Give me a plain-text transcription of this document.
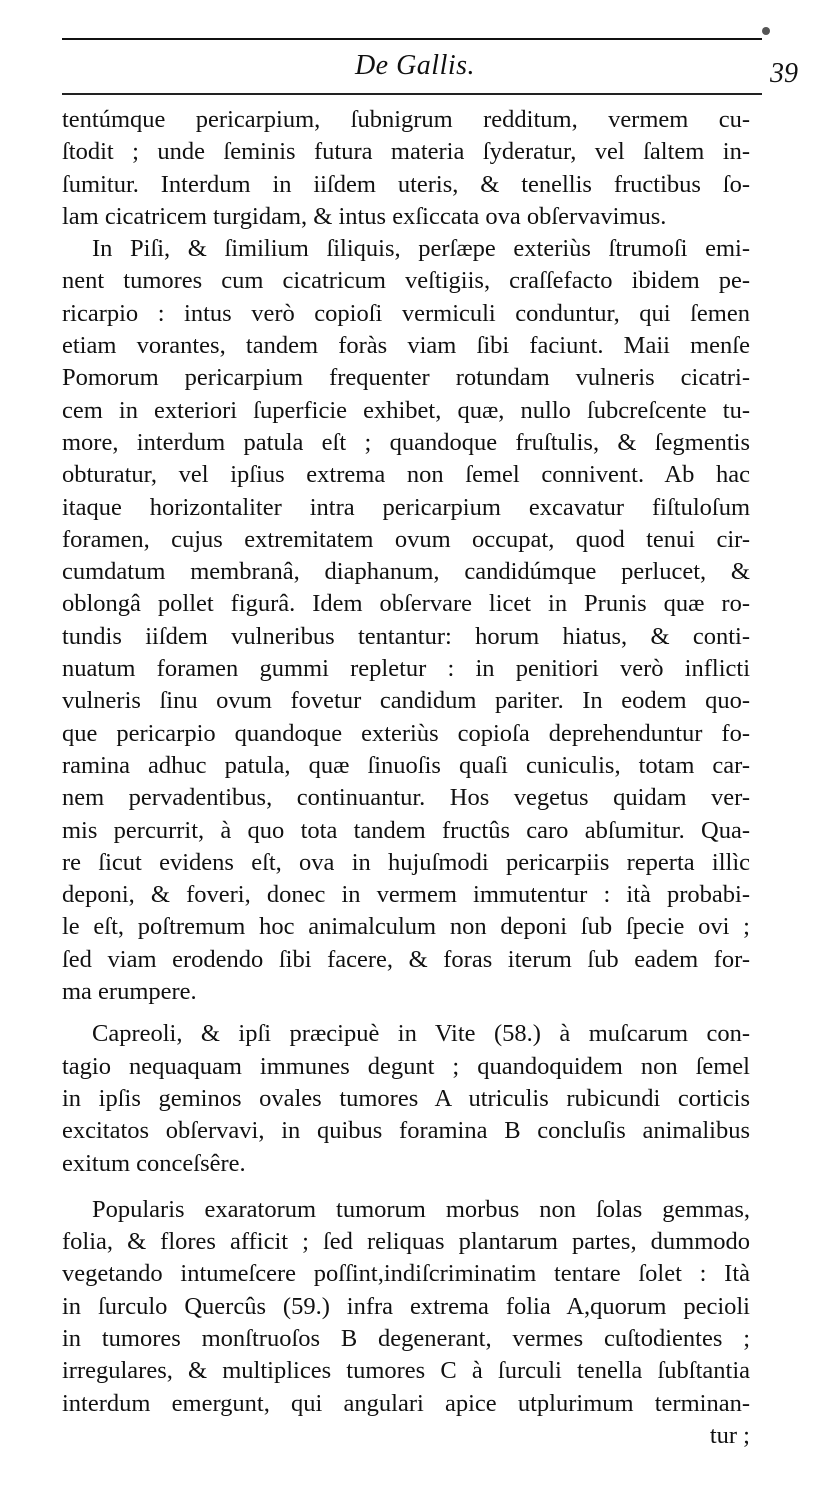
De Gallis.	39
tentúmque pericarpium, ſubnigrum redditum, vermem cu-
ſtodit ; unde ſeminis futura materia ſyderatur, vel ſaltem in-
ſumitur. Interdum in iiſdem uteris, & tenellis fructibus ſo-
lam cicatricem turgidam, & intus exſiccata ova obſervavimus.
In Piſi, & ſimilium ſiliquis, perſæpe exteriùs ſtrumoſi emi-
nent tumores cum cicatricum veſtigiis, craſſefacto ibidem pe-
ricarpio : intus verò copioſi vermiculi conduntur, qui ſemen
etiam vorantes, tandem foràs viam ſibi faciunt. Maii menſe
Pomorum pericarpium frequenter rotundam vulneris cicatri-
cem in exteriori ſuperficie exhibet, quæ, nullo ſubcreſcente tu-
more, interdum patula eſt ; quandoque fruſtulis, & ſegmentis
obturatur, vel ipſius extrema non ſemel connivent. Ab hac
itaque horizontaliter intra pericarpium excavatur fiſtuloſum
foramen, cujus extremitatem ovum occupat, quod tenui cir-
cumdatum membranâ, diaphanum, candidúmque perlucet, &
oblongâ pollet figurâ. Idem obſervare licet in Prunis quæ ro-
tundis iiſdem vulneribus tentantur: horum hiatus, & conti-
nuatum foramen gummi repletur : in penitiori verò inflicti
vulneris ſinu ovum fovetur candidum pariter. In eodem quo-
que pericarpio quandoque exteriùs copioſa deprehenduntur fo-
ramina adhuc patula, quæ ſinuoſis quaſi cuniculis, totam car-
nem pervadentibus, continuantur. Hos vegetus quidam ver-
mis percurrit, à quo tota tandem fructûs caro abſumitur. Qua-
re ſicut evidens eſt, ova in hujuſmodi pericarpiis reperta illìc
deponi, & foveri, donec in vermem immutentur : ità probabi-
le eſt, poſtremum hoc animalculum non deponi ſub ſpecie ovi ;
ſed viam erodendo ſibi facere, & foras iterum ſub eadem for-
ma erumpere.
Capreoli, & ipſi præcipuè in Vite (58.) à muſcarum con-
tagio nequaquam immunes degunt ; quandoquidem non ſemel
in ipſis geminos ovales tumores A utriculis rubicundi corticis
excitatos obſervavi, in quibus foramina B concluſis animalibus
exitum conceſsêre.
Popularis exaratorum tumorum morbus non ſolas gemmas,
folia, & flores afficit ; ſed reliquas plantarum partes, dummodo
vegetando intumeſcere poſſint,indiſcriminatim tentare ſolet : Ità
in ſurculo Quercûs (59.) infra extrema folia A,quorum pecioli
in tumores monſtruoſos B degenerant, vermes cuſtodientes ;
irregulares, & multiplices tumores C à ſurculi tenella ſubſtantia
interdum emergunt, qui angulari apice utplurimum terminan-
tur ;
